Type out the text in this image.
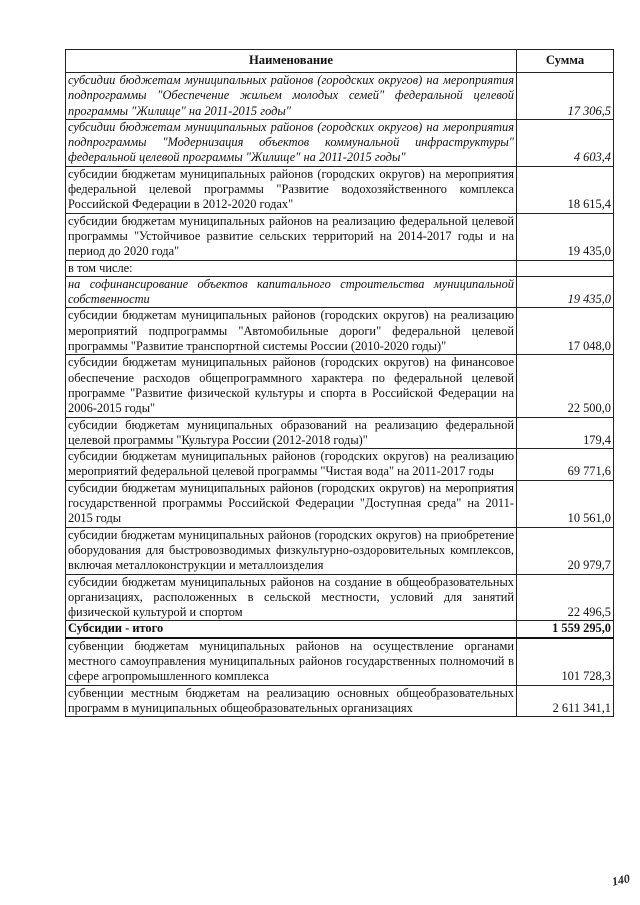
Наименование	Сумма
субсидии бюджетам муниципальных районов (городских округов) на мероприятия подпрограммы "Обеспечение жильем молодых семей" федеральной целевой программы "Жилище" на 2011-2015 годы"	17 306,5
субсидии бюджетам муниципальных районов (городских округов) на мероприятия подпрограммы "Модернизация объектов коммунальной инфраструктуры" федеральной целевой программы "Жилище" на 2011-2015 годы"	4 603,4
субсидии бюджетам муниципальных районов (городских округов) на мероприятия федеральной целевой программы "Развитие водохозяйственного комплекса Российской Федерации в 2012-2020 годах"	18 615,4
субсидии бюджетам муниципальных районов на реализацию федеральной целевой программы "Устойчивое развитие сельских территорий на 2014-2017 годы и на период до 2020 года"	19 435,0
в том числе:	
на софинансирование объектов капитального строительства муниципальной собственности	19 435,0
субсидии бюджетам муниципальных районов (городских округов) на реализацию мероприятий подпрограммы "Автомобильные дороги" федеральной целевой программы "Развитие транспортной системы России (2010-2020 годы)"	17 048,0
субсидии бюджетам муниципальных районов (городских округов) на финансовое обеспечение расходов общепрограммного характера по федеральной целевой программе "Развитие физической культуры и спорта в Российской Федерации на 2006-2015 годы"	22 500,0
субсидии бюджетам муниципальных образований на реализацию федеральной целевой программы "Культура России (2012-2018 годы)"	179,4
субсидии бюджетам муниципальных районов (городских округов) на реализацию мероприятий федеральной целевой программы "Чистая вода" на 2011-2017 годы	69 771,6
субсидии бюджетам муниципальных районов (городских округов) на мероприятия государственной программы Российской Федерации "Доступная среда" на 2011-2015 годы	10 561,0
субсидии бюджетам муниципальных районов (городских округов) на приобретение оборудования для быстровозводимых физкультурно-оздоровительных комплексов, включая металлоконструкции и металлоизделия	20 979,7
субсидии бюджетам муниципальных районов на создание в общеобразовательных организациях, расположенных в сельской местности, условий для занятий физической культурой и спортом	22 496,5
Субсидии - итого	1 559 295,0
субвенции бюджетам муниципальных районов на осуществление органами местного самоуправления муниципальных районов государственных полномочий в сфере агропромышленного комплекса	101 728,3
субвенции местным бюджетам на реализацию основных общеобразовательных программ в муниципальных общеобразовательных организациях	2 611 341,1
140
